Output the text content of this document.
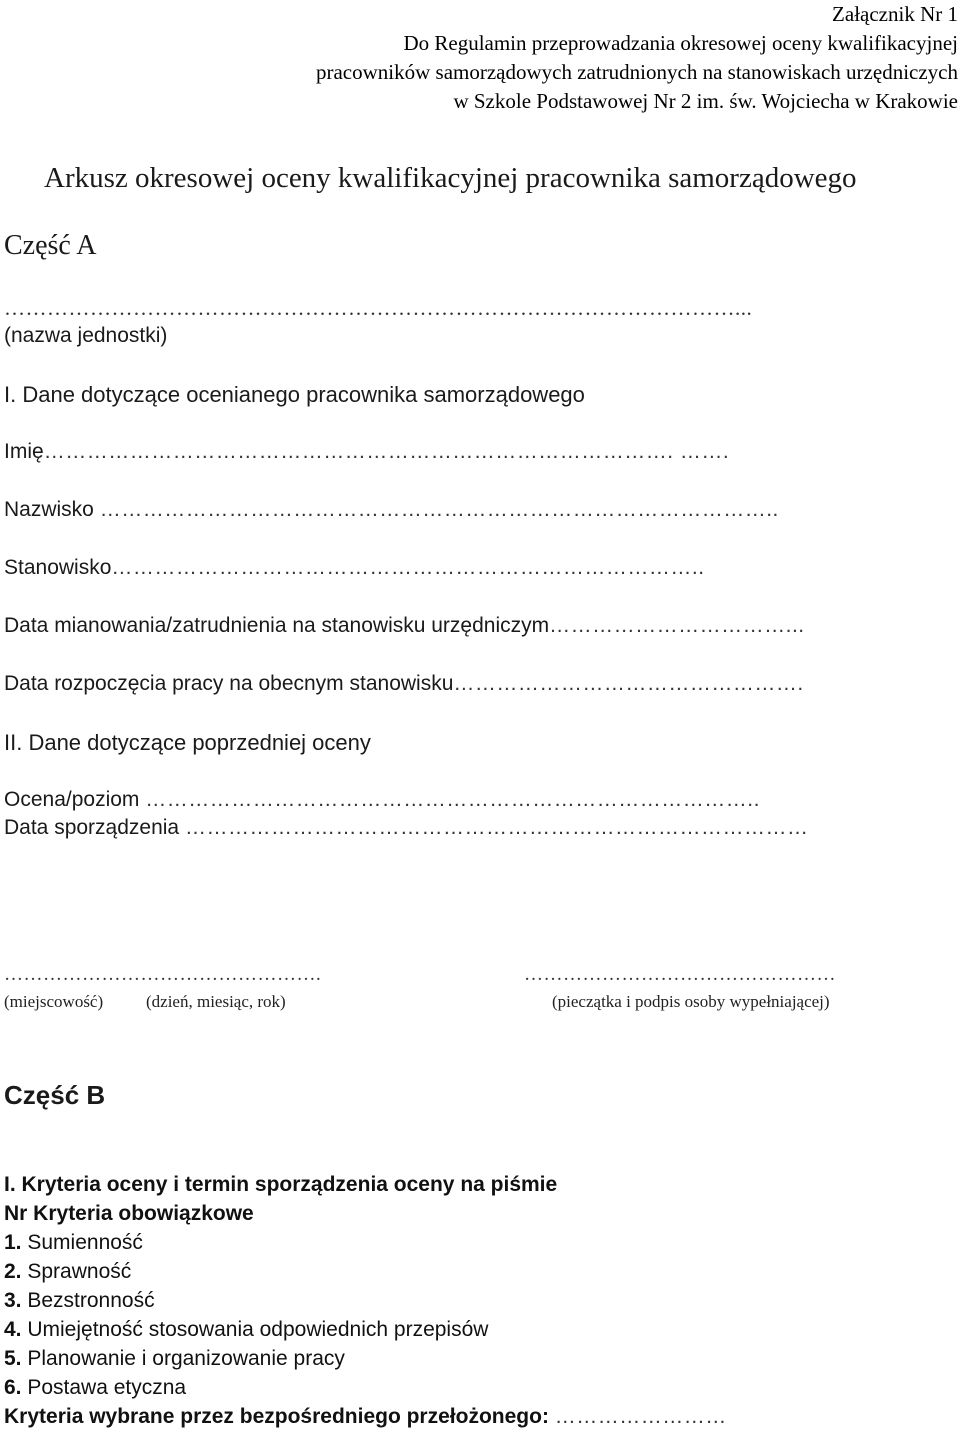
Załącznik Nr 1
Do Regulamin przeprowadzania okresowej oceny kwalifikacyjnej
pracowników samorządowych zatrudnionych na stanowiskach urzędniczych
w Szkole Podstawowej Nr 2 im. św. Wojciecha w Krakowie
Arkusz okresowej oceny kwalifikacyjnej pracownika samorządowego
Część A
…………………………………………………………………………………………...
(nazwa jednostki)
I. Dane dotyczące ocenianego pracownika samorządowego
Imię……………………………………………………………………………. …….
Nazwisko …………………………………………………………………………………..
Stanowisko………………………………………………………………………..
Data mianowania/zatrudnienia na stanowisku urzędniczym……………………………...
Data rozpoczęcia pracy na obecnym stanowisku………………………………………….
II. Dane dotyczące poprzedniej oceny
Ocena/poziom …………………………………………………………………………..
Data sporządzenia ……………………………………………………………………………
………………………………………….	…………………………………………
(miejscowość)	(dzień, miesiąc, rok)	(pieczątka i podpis osoby wypełniającej)
Część B
I. Kryteria oceny i termin sporządzenia oceny na piśmie
Nr Kryteria obowiązkowe
1. Sumienność
2. Sprawność
3. Bezstronność
4. Umiejętność stosowania odpowiednich przepisów
5. Planowanie i organizowanie pracy
6. Postawa etyczna
Kryteria wybrane przez bezpośredniego przełożonego: ……………………
